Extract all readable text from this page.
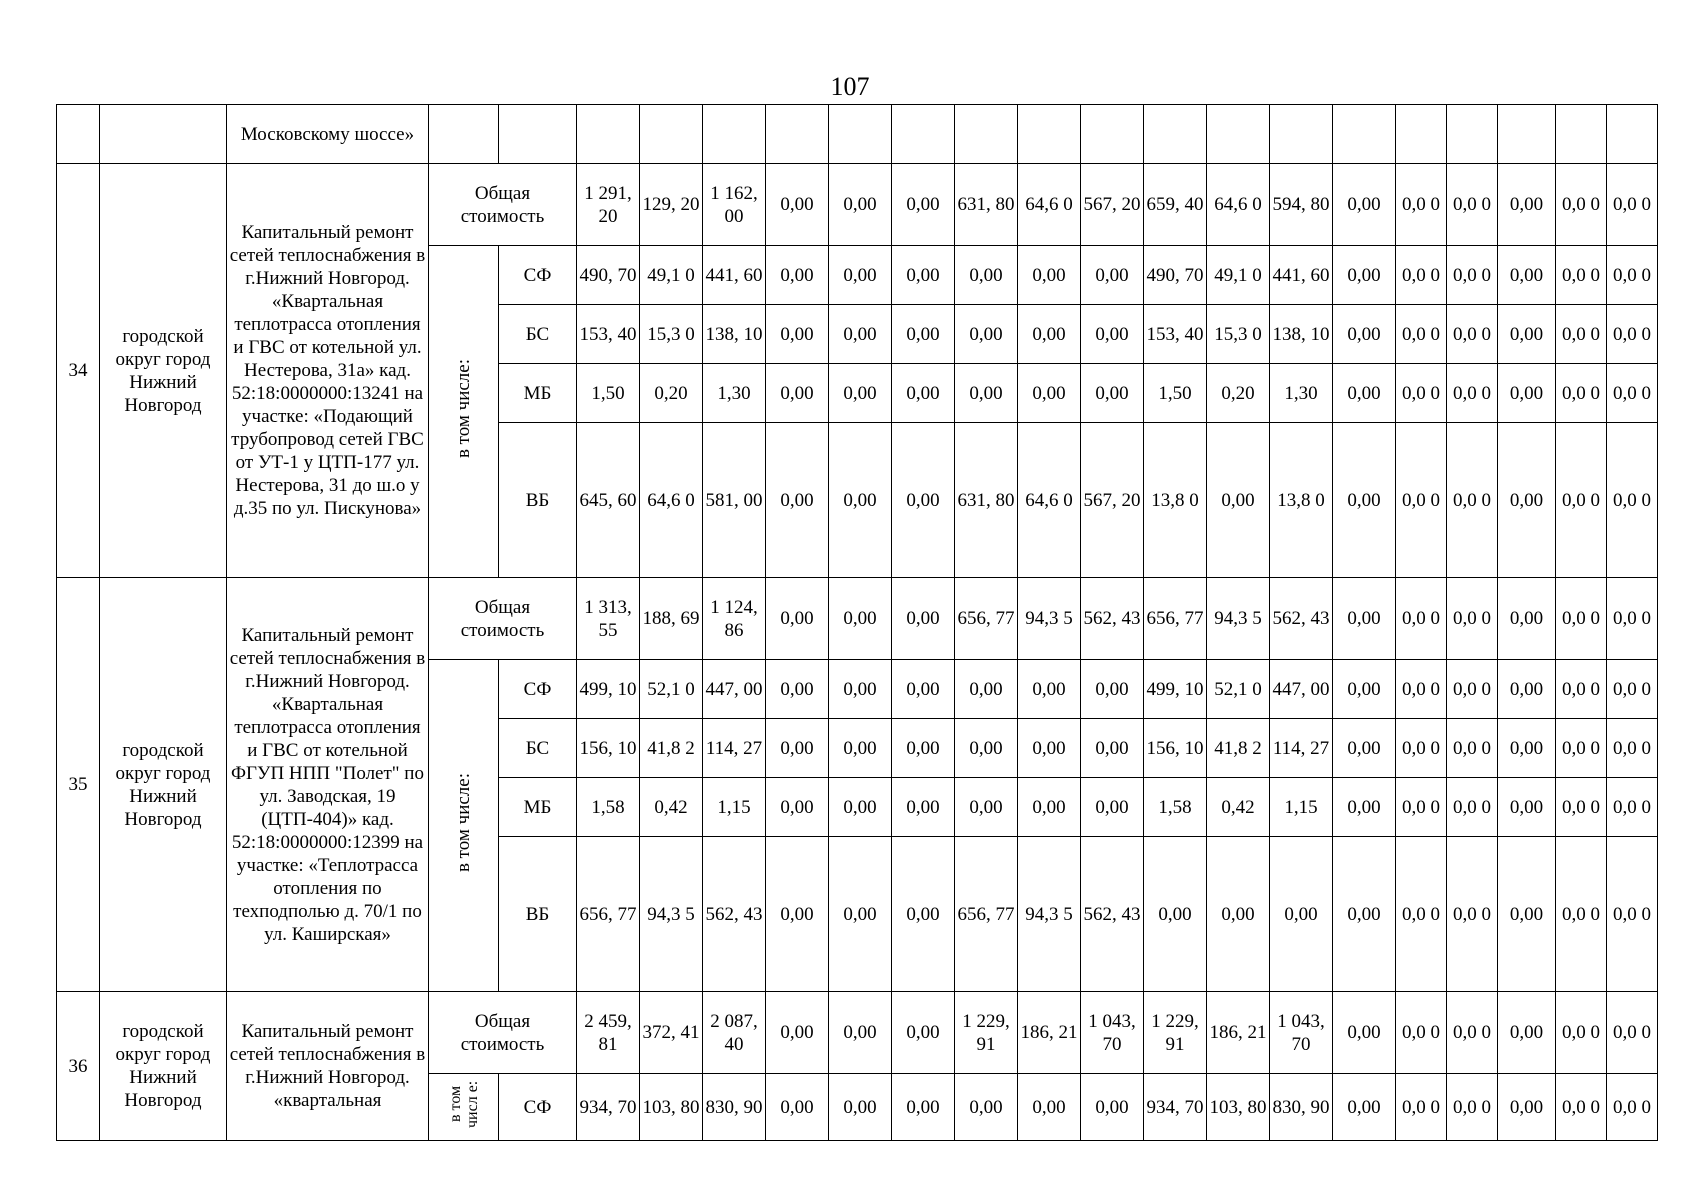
107
		Московскому шоссе»																				
34	городской округ город Нижний Новгород	Капитальный ремонт сетей теплоснабжения в г.Нижний Новгород. «Квартальная теплотрасса отопления и ГВС от котельной ул. Нестерова, 31а» кад. 52:18:0000000:13241 на участке: «Подающий трубопровод сетей ГВС от УТ-1 у ЦТП-177 ул. Нестерова, 31 до ш.о у д.35 по ул. Пискунова»	Общая стоимость		1 291, 20	129, 20	1 162, 00	0,00	0,00	0,00	631, 80	64,6 0	567, 20	659, 40	64,6 0	594, 80	0,00	0,0 0	0,0 0	0,00	0,0 0	0,0 0
			в том числе:	СФ	490, 70	49,1 0	441, 60	0,00	0,00	0,00	0,00	0,00	0,00	490, 70	49,1 0	441, 60	0,00	0,0 0	0,0 0	0,00	0,0 0	0,0 0
				БС	153, 40	15,3 0	138, 10	0,00	0,00	0,00	0,00	0,00	0,00	153, 40	15,3 0	138, 10	0,00	0,0 0	0,0 0	0,00	0,0 0	0,0 0
				МБ	1,50	0,20	1,30	0,00	0,00	0,00	0,00	0,00	0,00	1,50	0,20	1,30	0,00	0,0 0	0,0 0	0,00	0,0 0	0,0 0
				ВБ	645, 60	64,6 0	581, 00	0,00	0,00	0,00	631, 80	64,6 0	567, 20	13,8 0	0,00	13,8 0	0,00	0,0 0	0,0 0	0,00	0,0 0	0,0 0
35	городской округ город Нижний Новгород	Капитальный ремонт сетей теплоснабжения в г.Нижний Новгород. «Квартальная теплотрасса отопления и ГВС от котельной ФГУП НПП "Полет" по ул. Заводская, 19 (ЦТП-404)» кад. 52:18:0000000:12399 на участке: «Теплотрасса отопления по техподполью д. 70/1 по ул. Каширская»	Общая стоимость		1 313, 55	188, 69	1 124, 86	0,00	0,00	0,00	656, 77	94,3 5	562, 43	656, 77	94,3 5	562, 43	0,00	0,0 0	0,0 0	0,00	0,0 0	0,0 0
			в том числе:	СФ	499, 10	52,1 0	447, 00	0,00	0,00	0,00	0,00	0,00	0,00	499, 10	52,1 0	447, 00	0,00	0,0 0	0,0 0	0,00	0,0 0	0,0 0
				БС	156, 10	41,8 2	114, 27	0,00	0,00	0,00	0,00	0,00	0,00	156, 10	41,8 2	114, 27	0,00	0,0 0	0,0 0	0,00	0,0 0	0,0 0
				МБ	1,58	0,42	1,15	0,00	0,00	0,00	0,00	0,00	0,00	1,58	0,42	1,15	0,00	0,0 0	0,0 0	0,00	0,0 0	0,0 0
				ВБ	656, 77	94,3 5	562, 43	0,00	0,00	0,00	656, 77	94,3 5	562, 43	0,00	0,00	0,00	0,00	0,0 0	0,0 0	0,00	0,0 0	0,0 0
36	городской округ город Нижний Новгород	Капитальный ремонт сетей теплоснабжения в г.Нижний Новгород. «квартальная	Общая стоимость		2 459, 81	372, 41	2 087, 40	0,00	0,00	0,00	1 229, 91	186, 21	1 043, 70	1 229, 91	186, 21	1 043, 70	0,00	0,0 0	0,0 0	0,00	0,0 0	0,0 0
			в том числ е:	СФ	934, 70	103, 80	830, 90	0,00	0,00	0,00	0,00	0,00	0,00	934, 70	103, 80	830, 90	0,00	0,0 0	0,0 0	0,00	0,0 0	0,0 0
